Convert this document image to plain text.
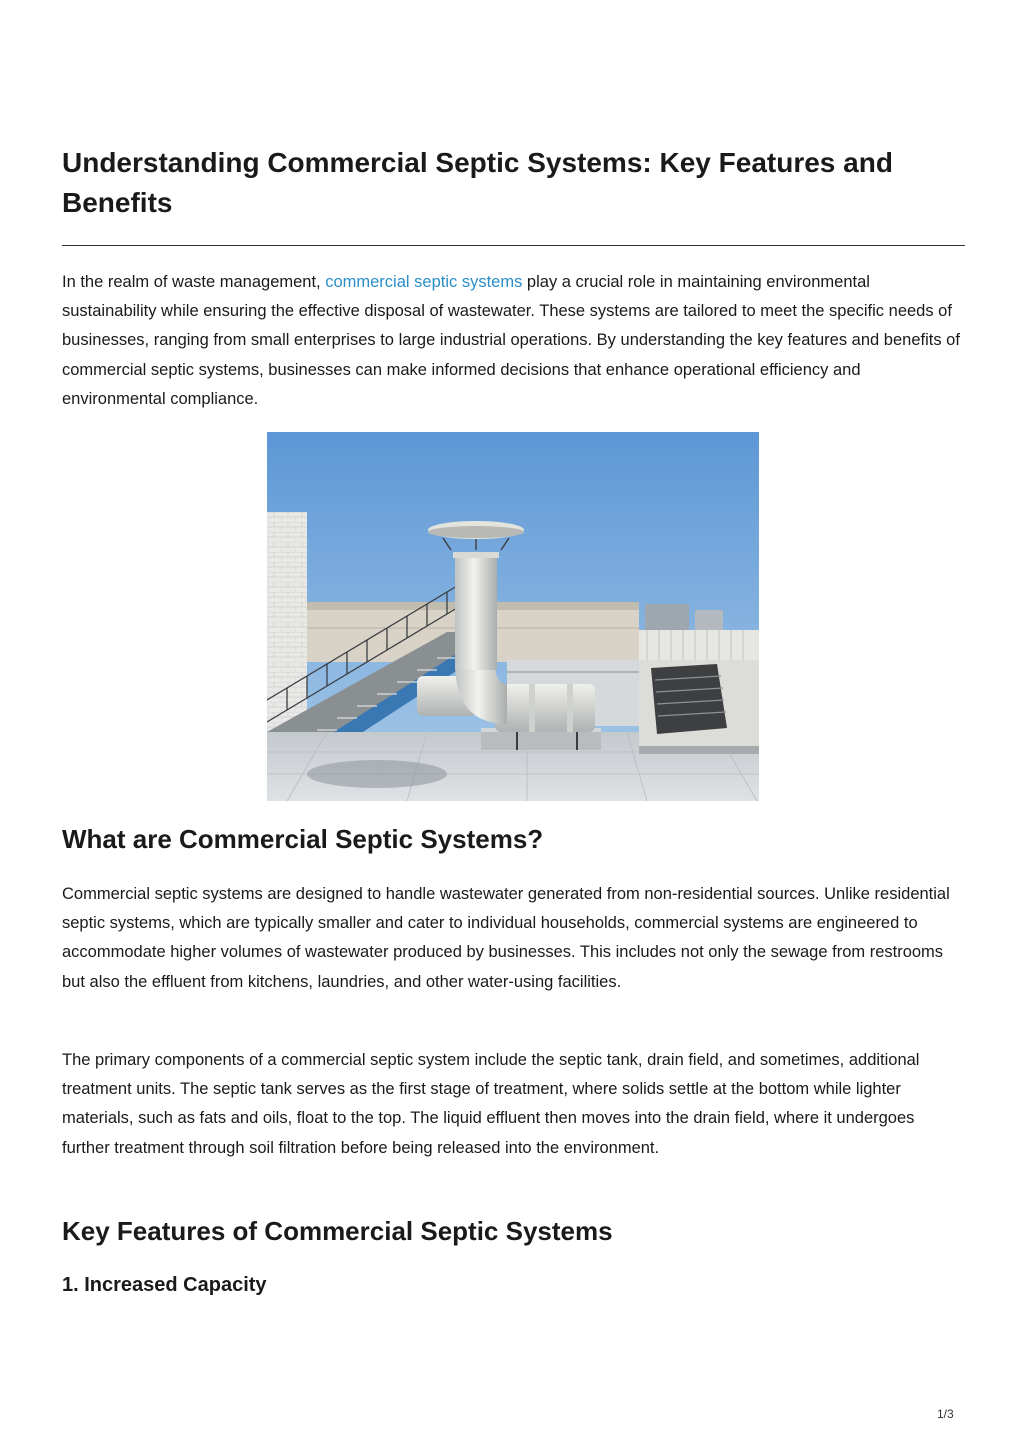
Understanding Commercial Septic Systems: Key Features and Benefits

In the realm of waste management, commercial septic systems play a crucial role in maintaining environmental sustainability while ensuring the effective disposal of wastewater. These systems are tailored to meet the specific needs of businesses, ranging from small enterprises to large industrial operations. By understanding the key features and benefits of commercial septic systems, businesses can make informed decisions that enhance operational efficiency and environmental compliance.

What are Commercial Septic Systems?

Commercial septic systems are designed to handle wastewater generated from non-residential sources. Unlike residential septic systems, which are typically smaller and cater to individual households, commercial systems are engineered to accommodate higher volumes of wastewater produced by businesses. This includes not only the sewage from restrooms but also the effluent from kitchens, laundries, and other water-using facilities.

The primary components of a commercial septic system include the septic tank, drain field, and sometimes, additional treatment units. The septic tank serves as the first stage of treatment, where solids settle at the bottom while lighter materials, such as fats and oils, float to the top. The liquid effluent then moves into the drain field, where it undergoes further treatment through soil filtration before being released into the environment.

Key Features of Commercial Septic Systems
1. Increased Capacity
1/3
